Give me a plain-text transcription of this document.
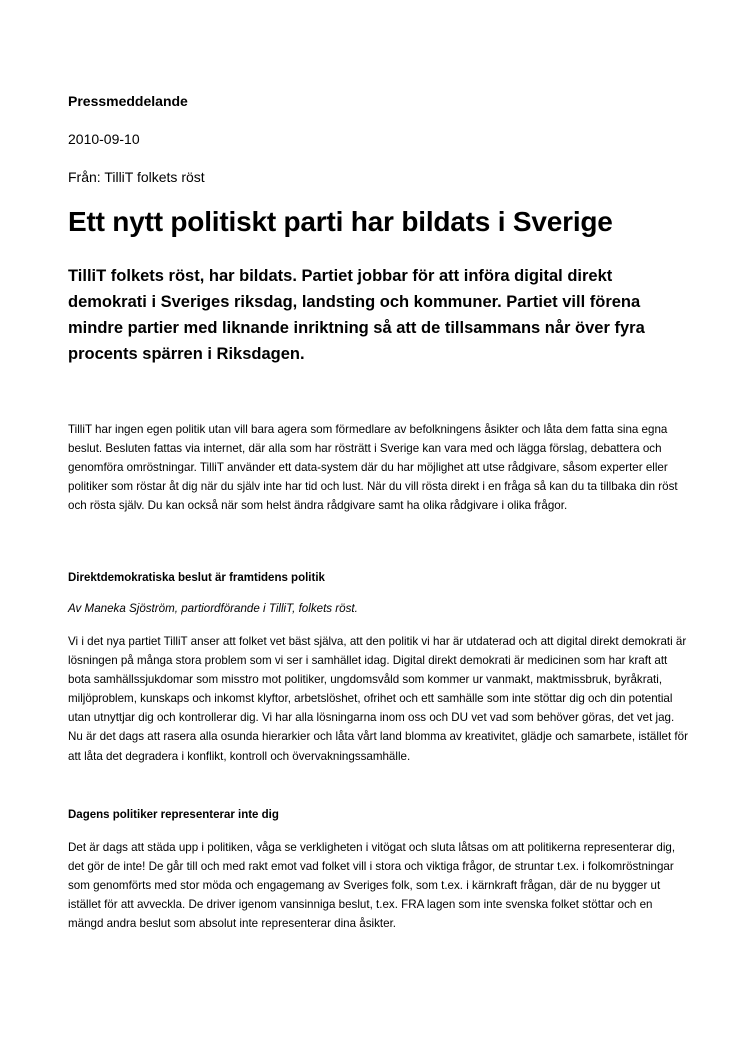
Pressmeddelande
2010-09-10
Från: TilliT folkets röst
Ett nytt politiskt parti har bildats i Sverige

TilliT folkets röst, har bildats. Partiet jobbar för att införa digital direkt demokrati i Sveriges riksdag, landsting och kommuner. Partiet vill förena mindre partier med liknande inriktning så att de tillsammans når över fyra procents spärren i Riksdagen.

TilliT har ingen egen politik utan vill bara agera som förmedlare av befolkningens åsikter och låta dem fatta sina egna beslut. Besluten fattas via internet, där alla som har rösträtt i Sverige kan vara med och lägga förslag, debattera och genomföra omröstningar. TilliT använder ett data-system där du har möjlighet att utse rådgivare, såsom experter eller politiker som röstar åt dig när du själv inte har tid och lust. När du vill rösta direkt i en fråga så kan du ta tillbaka din röst och rösta själv. Du kan också när som helst ändra rådgivare samt ha olika rådgivare i olika frågor.

Direktdemokratiska beslut är framtidens politik

Av Maneka Sjöström, partiordförande i TilliT, folkets röst.

Vi i det nya partiet TilliT anser att folket vet bäst själva, att den politik vi har är utdaterad och att digital direkt demokrati är lösningen på många stora problem som vi ser i samhället idag. Digital direkt demokrati är medicinen som har kraft att bota samhällssjukdomar som misstro mot politiker, ungdomsvåld som kommer ur vanmakt, maktmissbruk, byråkrati, miljöproblem, kunskaps och inkomst klyftor, arbetslöshet, ofrihet och ett samhälle som inte stöttar dig och din potential utan utnyttjar dig och kontrollerar dig. Vi har alla lösningarna inom oss och DU vet vad som behöver göras, det vet jag. Nu är det dags att rasera alla osunda hierarkier och låta vårt land blomma av kreativitet, glädje och samarbete, istället för att låta det degradera i konflikt, kontroll och övervakningssamhälle.

Dagens politiker representerar inte dig

Det är dags att städa upp i politiken, våga se verkligheten i vitögat och sluta låtsas om att politikerna representerar dig, det gör de inte! De går till och med rakt emot vad folket vill i stora och viktiga frågor, de struntar t.ex. i folkomröstningar som genomförts med stor möda och engagemang av Sveriges folk, som t.ex. i kärnkraft frågan, där de nu bygger ut istället för att avveckla. De driver igenom vansinniga beslut, t.ex. FRA lagen som inte svenska folket stöttar och en mängd andra beslut som absolut inte representerar dina åsikter.
